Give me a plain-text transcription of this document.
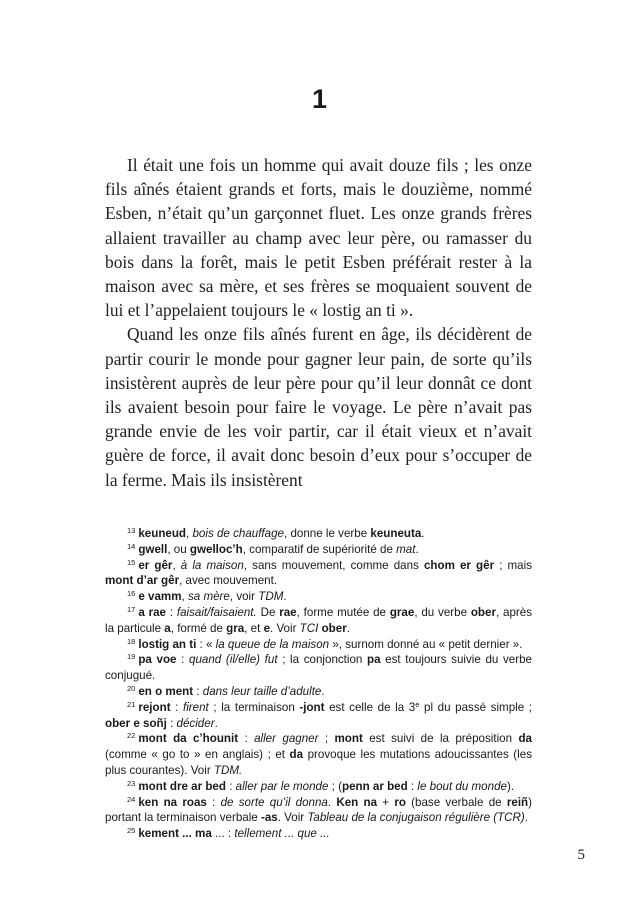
1

Il était une fois un homme qui avait douze fils ; les onze fils aînés étaient grands et forts, mais le douzième, nommé Esben, n’était qu’un garçonnet fluet. Les onze grands frères allaient travailler au champ avec leur père, ou ramasser du bois dans la forêt, mais le petit Esben préférait rester à la maison avec sa mère, et ses frères se moquaient souvent de lui et l’appelaient toujours le « lostig an ti ».

Quand les onze fils aînés furent en âge, ils décidèrent de partir courir le monde pour gagner leur pain, de sorte qu’ils insistèrent auprès de leur père pour qu’il leur donnât ce dont ils avaient besoin pour faire le voyage. Le père n’avait pas grande envie de les voir partir, car il était vieux et n’avait guère de force, il avait donc besoin d’eux pour s’occuper de la ferme. Mais ils insistèrent

$^{13}$ keuneud, bois de chauffage, donne le verbe keuneuta.

$^{14}$ gwell, ou gwelloc’h, comparatif de supériorité de mat.

$^{15}$ er gêr, à la maison, sans mouvement, comme dans chom er gêr ; mais mont d’ar gêr, avec mouvement.

$^{16}$ e vamm, sa mère, voir TDM.

$^{17}$ a rae : faisait/faisaient. De rae, forme mutée de grae, du verbe ober, après la particule a, formé de gra, et e. Voir TCI ober.

$^{18}$ lostig an ti : « la queue de la maison », surnom donné au « petit dernier ».

$^{19}$ pa voe : quand (il/elle) fut ; la conjonction pa est toujours suivie du verbe conjugué.

$^{20}$ en o ment : dans leur taille d’adulte.

$^{21}$ rejont : firent ; la terminaison -jont est celle de la 3e pl du passé simple ; ober e soñj : décider.

$^{22}$ mont da c’hounit : aller gagner ; mont est suivi de la préposition da (comme « go to » en anglais) ; et da provoque les mutations adoucissantes (les plus courantes). Voir TDM.

$^{23}$ mont dre ar bed : aller par le monde ; (penn ar bed : le bout du monde).

$^{24}$ ken na roas : de sorte qu’il donna. Ken na + ro (base verbale de reiñ) portant la terminaison verbale -as. Voir Tableau de la conjugaison régulière (TCR).

$^{25}$ kement ... ma ... : tellement ... que ...

5
